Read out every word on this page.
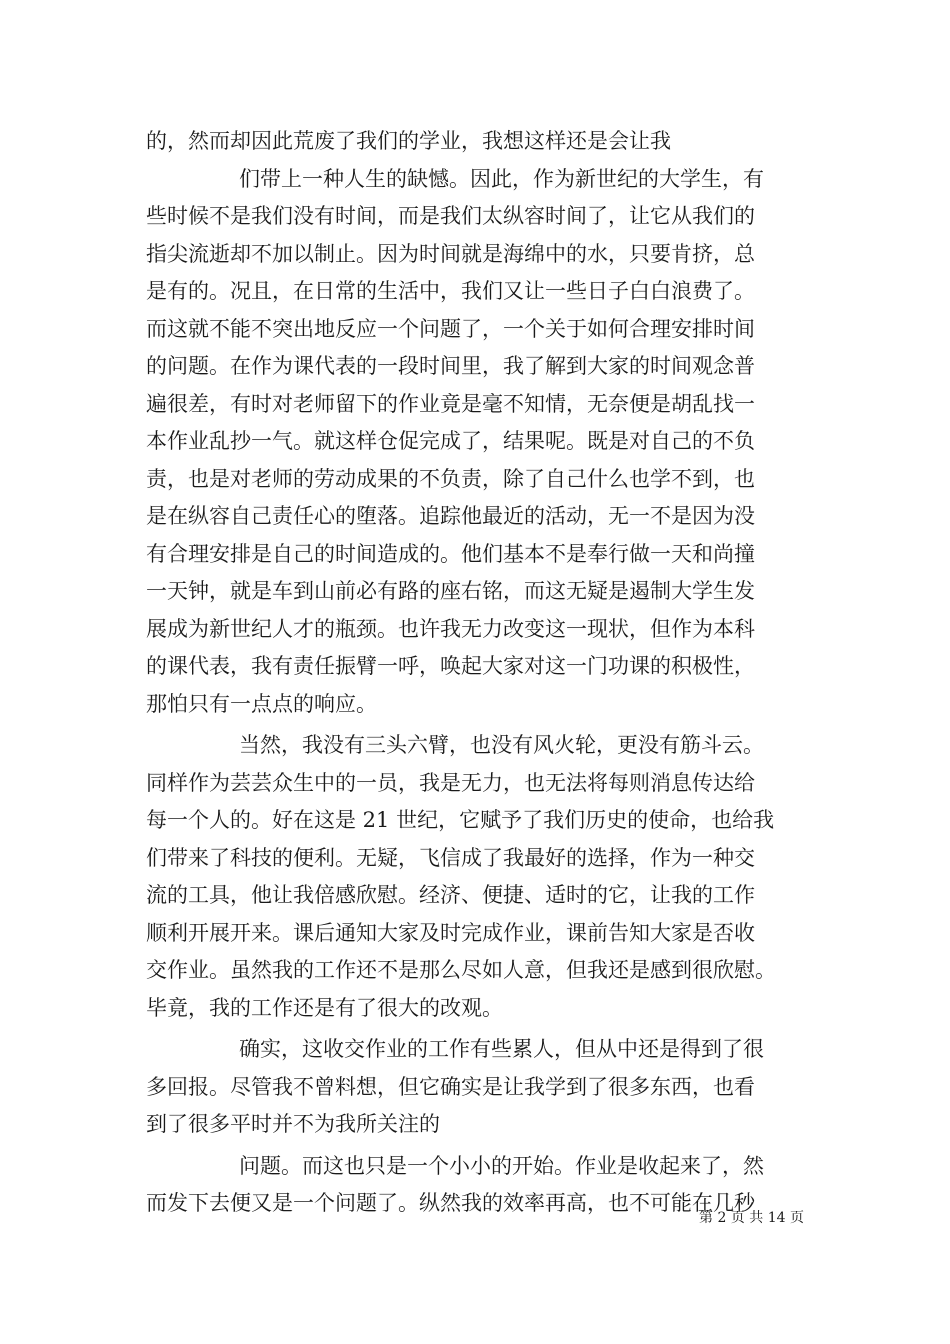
的，然而却因此荒废了我们的学业，我想这样还是会让我
们带上一种人生的缺憾。因此，作为新世纪的大学生，有
些时候不是我们没有时间，而是我们太纵容时间了，让它从我们的
指尖流逝却不加以制止。因为时间就是海绵中的水，只要肯挤，总
是有的。况且，在日常的生活中，我们又让一些日子白白浪费了。
而这就不能不突出地反应一个问题了，一个关于如何合理安排时间
的问题。在作为课代表的一段时间里，我了解到大家的时间观念普
遍很差，有时对老师留下的作业竟是毫不知情，无奈便是胡乱找一
本作业乱抄一气。就这样仓促完成了，结果呢。既是对自己的不负
责，也是对老师的劳动成果的不负责，除了自己什么也学不到，也
是在纵容自己责任心的堕落。追踪他最近的活动，无一不是因为没
有合理安排是自己的时间造成的。他们基本不是奉行做一天和尚撞
一天钟，就是车到山前必有路的座右铭，而这无疑是遏制大学生发
展成为新世纪人才的瓶颈。也许我无力改变这一现状，但作为本科
的课代表，我有责任振臂一呼，唤起大家对这一门功课的积极性，
那怕只有一点点的响应。
当然，我没有三头六臂，也没有风火轮，更没有筋斗云。
同样作为芸芸众生中的一员，我是无力，也无法将每则消息传达给
每一个人的。好在这是 21 世纪，它赋予了我们历史的使命，也给我
们带来了科技的便利。无疑，飞信成了我最好的选择，作为一种交
流的工具，他让我倍感欣慰。经济、便捷、适时的它，让我的工作
顺利开展开来。课后通知大家及时完成作业，课前告知大家是否收
交作业。虽然我的工作还不是那么尽如人意，但我还是感到很欣慰。
毕竟，我的工作还是有了很大的改观。
确实，这收交作业的工作有些累人，但从中还是得到了很
多回报。尽管我不曾料想，但它确实是让我学到了很多东西，也看
到了很多平时并不为我所关注的
问题。而这也只是一个小小的开始。作业是收起来了，然
而发下去便又是一个问题了。纵然我的效率再高，也不可能在几秒
第 2 页 共 14 页
